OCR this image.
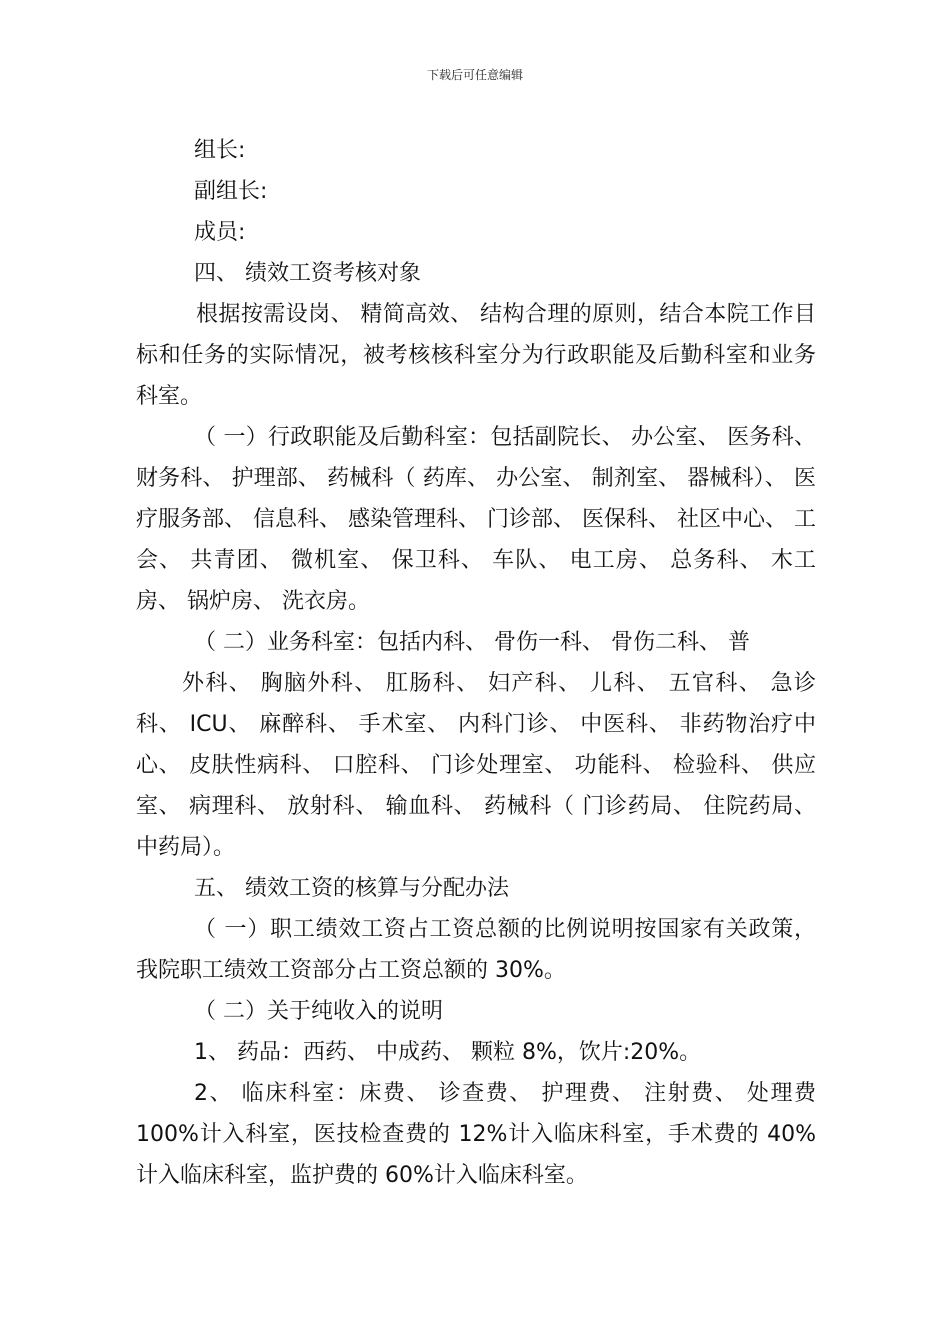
下载后可任意编辑

组长:

副组长:

成员:

四、 绩效工资考核对象

根据按需设岗、 精简高效、 结构合理的原则，结合本院工作目标和任务的实际情况，被考核核科室分为行政职能及后勤科室和业务科室。

（ 一）行政职能及后勤科室：包括副院长、 办公室、 医务科、 财务科、 护理部、 药械科（ 药库、 办公室、 制剂室、 器械科）、 医疗服务部、 信息科、 感染管理科、 门诊部、 医保科、 社区中心、 工会、 共青团、 微机室、 保卫科、 车队、 电工房、 总务科、 木工房、 锅炉房、 洗衣房。

（ 二）业务科室：包括内科、 骨伤一科、 骨伤二科、 普

外科、 胸脑外科、 肛肠科、 妇产科、 儿科、 五官科、 急诊科、 ICU、 麻醉科、 手术室、 内科门诊、 中医科、 非药物治疗中心、 皮肤性病科、 口腔科、 门诊处理室、 功能科、 检验科、 供应室、 病理科、 放射科、 输血科、 药械科（ 门诊药局、 住院药局、 中药局）。

五、 绩效工资的核算与分配办法

（ 一）职工绩效工资占工资总额的比例说明按国家有关政策，我院职工绩效工资部分占工资总额的 30%。

（ 二）关于纯收入的说明

1、 药品：西药、 中成药、 颗粒 8%，饮片:20%。

2、 临床科室：床费、 诊查费、 护理费、 注射费、 处理费 100%计入科室，医技检查费的 12%计入临床科室，手术费的 40%计入临床科室，监护费的 60%计入临床科室。
